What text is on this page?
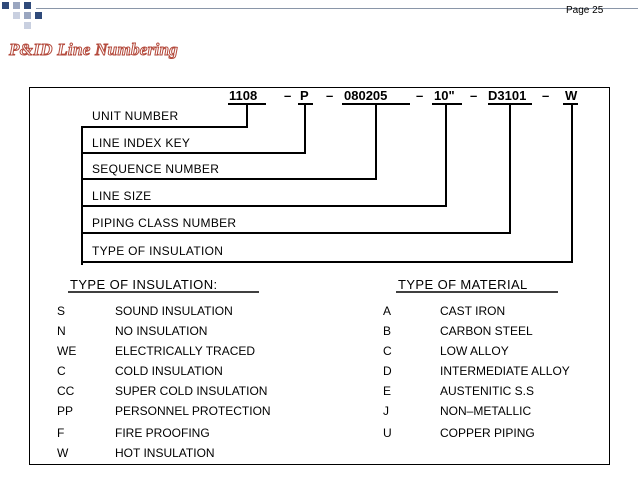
Page 25
P&ID Line Numbering
1108 – P – 080205 – 10" – D3101 – W
UNIT NUMBER
LINE INDEX KEY
SEQUENCE NUMBER
LINE SIZE
PIPING CLASS NUMBER
TYPE OF INSULATION
TYPE OF INSULATION:
S	SOUND INSULATION
N	NO INSULATION
WE	ELECTRICALLY TRACED
C	COLD INSULATION
CC	SUPER COLD INSULATION
PP	PERSONNEL PROTECTION
F	FIRE PROOFING
W	HOT INSULATION
TYPE OF MATERIAL
A	CAST IRON
B	CARBON STEEL
C	LOW ALLOY
D	INTERMEDIATE ALLOY
E	AUSTENITIC S.S
J	NON–METALLIC
U	COPPER PIPING
